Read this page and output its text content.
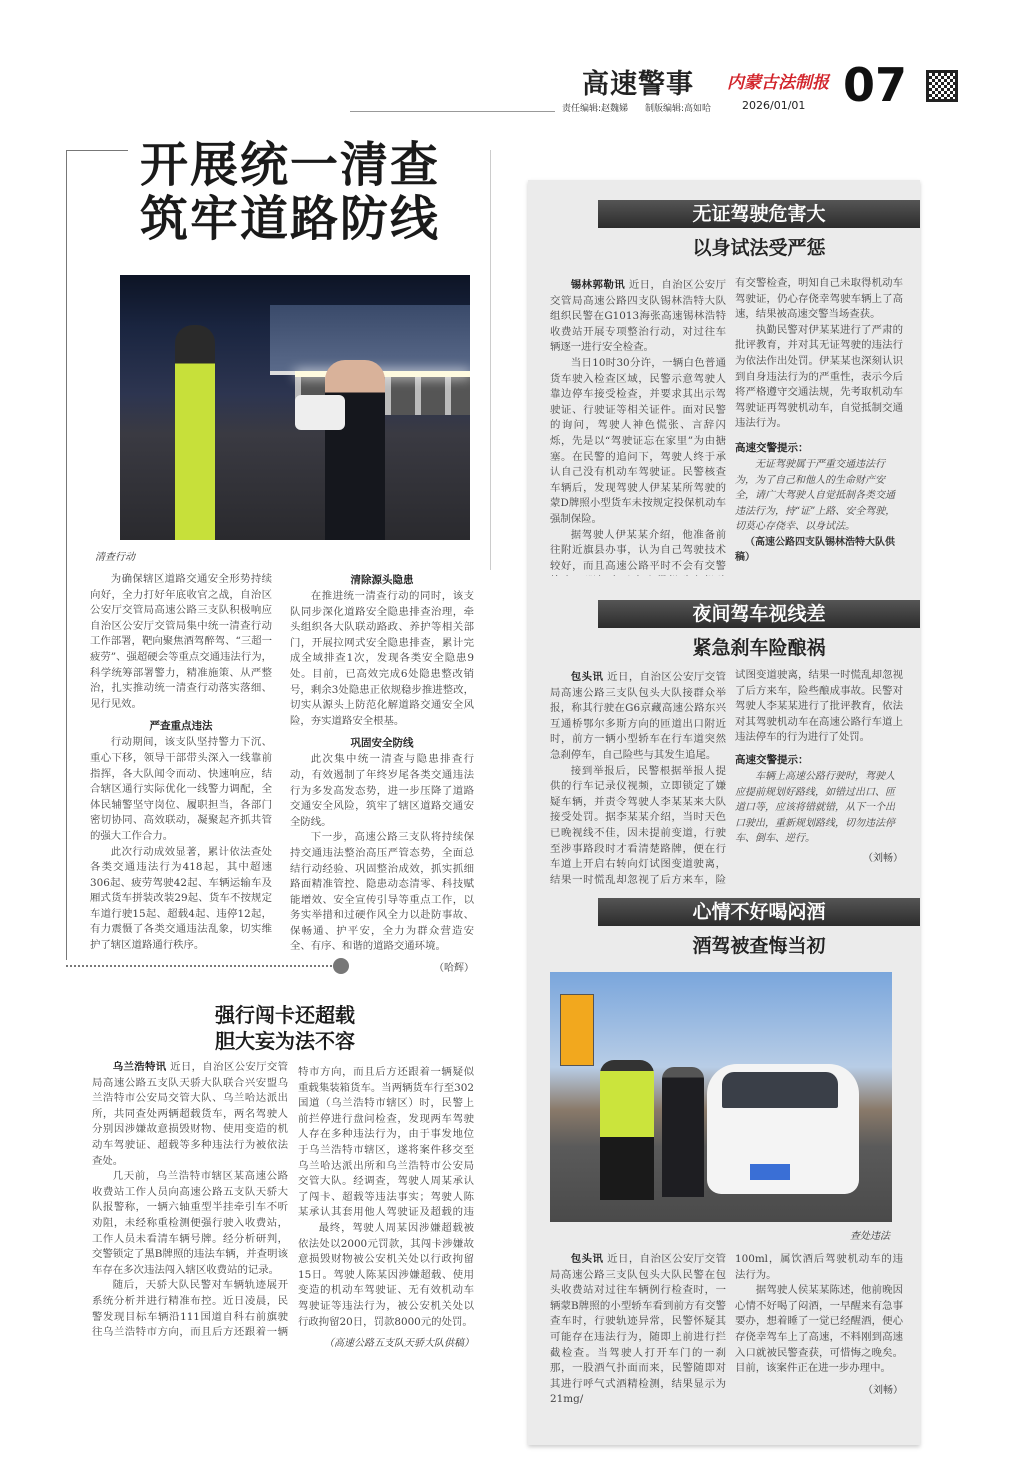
高速警事 内蒙古法制报
责任编辑:赵魏娣 制版编辑:高如哈	2026/01/01 07
开展统一清查
筑牢道路防线
清查行动

为确保辖区道路交通安全形势持续向好，全力打好年底收官之战，自治区公安厅交管局高速公路三支队积极响应自治区公安厅交管局集中统一清查行动工作部署，靶向聚焦酒驾醉驾、“三超一疲劳”、强超硬会等重点交通违法行为，科学统筹部署警力，精准施策、从严整治，扎实推动统一清查行动落实落细、见行见效。

严查重点违法

行动期间，该支队坚持警力下沉、重心下移，领导干部带头深入一线靠前指挥，各大队闻令而动、快速响应，结合辖区通行实际优化一线警力调配，全体民辅警坚守岗位、履职担当，各部门密切协同、高效联动，凝聚起齐抓共管的强大工作合力。

此次行动成效显著，累计依法查处各类交通违法行为418起，其中超速306起、疲劳驾驶42起、车辆运输车及厢式货车拼装改装29起、货车不按规定车道行驶15起、超载4起、违停12起，有力震慑了各类交通违法乱象，切实维护了辖区道路通行秩序。

清除源头隐患

在推进统一清查行动的同时，该支队同步深化道路安全隐患排查治理，牵头组织各大队联动路政、养护等相关部门，开展拉网式安全隐患排查，累计完成全域排查1次，发现各类安全隐患9处。目前，已高效完成6处隐患整改销号，剩余3处隐患正依规稳步推进整改，切实从源头上防范化解道路交通安全风险，夯实道路安全根基。

巩固安全防线

此次集中统一清查与隐患排查行动，有效遏制了年终岁尾各类交通违法行为多发高发态势，进一步压降了道路交通安全风险，筑牢了辖区道路交通安全防线。

下一步，高速公路三支队将持续保持交通违法整治高压严管态势，全面总结行动经验、巩固整治成效，抓实抓细路面精准管控、隐患动态清零、科技赋能增效、安全宣传引导等重点工作，以务实举措和过硬作风全力以赴防事故、保畅通、护平安，全力为群众营造安全、有序、和谐的道路交通环境。

（哈辉）
强行闯卡还超载
胆大妄为法不容

乌兰浩特讯 近日，自治区公安厅交管局高速公路五支队天骄大队联合兴安盟乌兰浩特市公安局交管大队、乌兰哈达派出所，共同查处两辆超载货车，两名驾驶人分别因涉嫌故意损毁财物、使用变造的机动车驾驶证、超载等多种违法行为被依法查处。

几天前，乌兰浩特市辖区某高速公路收费站工作人员向高速公路五支队天骄大队报警称，一辆六轴重型半挂牵引车不听劝阻，未经称重检测便强行驶入收费站，工作人员未看清车辆号牌。经分析研判，交警锁定了黑B牌照的违法车辆，并查明该车存在多次违法闯入辖区收费站的记录。

随后，天骄大队民警对车辆轨迹展开系统分析并进行精准布控。近日凌晨，民警发现目标车辆沿111国道自科右前旗驶往乌兰浩特市方向，而且后方还跟着一辆

特市方向，而且后方还跟着一辆疑似重载集装箱货车。当两辆货车行至302国道（乌兰浩特市辖区）时，民警上前拦停进行盘问检查，发现两车驾驶人存在多种违法行为，由于事发地位于乌兰浩特市辖区，遂将案件移交至乌兰哈达派出所和乌兰浩特市公安局交管大队。经调查，驾驶人周某承认了闯卡、超载等违法事实；驾驶人陈某承认其套用他人驾驶证及超载的违

最终，驾驶人周某因涉嫌超载被依法处以2000元罚款，其闯卡涉嫌故意损毁财物被公安机关处以行政拘留15日。驾驶人陈某因涉嫌超载、使用变造的机动车驾驶证、无有效机动车驾驶证等违法行为，被公安机关处以行政拘留20日，罚款8000元的处罚。

（高速公路五支队天骄大队供稿）
无证驾驶危害大
以身试法受严惩

锡林郭勒讯 近日，自治区公安厅交管局高速公路四支队锡林浩特大队组织民警在G1013海张高速锡林浩特收费站开展专项整治行动，对过往车辆逐一进行安全检查。

当日10时30分许，一辆白色普通货车驶入检查区域，民警示意驾驶人靠边停车接受检查，并要求其出示驾驶证、行驶证等相关证件。面对民警的询问，驾驶人神色慌张、言辞闪烁，先是以“驾驶证忘在家里”为由搪塞。在民警的追问下，驾驶人终于承认自己没有机动车驾驶证。民警核查车辆后，发现驾驶人伊某某所驾驶的蒙D牌照小型货车未按规定投保机动车强制保险。

据驾驶人伊某某介绍，他准备前往附近旗县办事，认为自己驾驶技术较好，而且高速公路平时不会有交警

有交警检查，明知自己未取得机动车驾驶证，仍心存侥幸驾驶车辆上了高速，结果被高速交警当场查获。

执勤民警对伊某某进行了严肃的批评教育，并对其无证驾驶的违法行为依法作出处罚。伊某某也深刻认识到自身违法行为的严重性，表示今后将严格遵守交通法规，先考取机动车驾驶证再驾驶机动车，自觉抵制交通违法行为。

高速交警提示：

无证驾驶属于严重交通违法行为，为了自己和他人的生命财产安全，请广大驾驶人自觉抵制各类交通违法行为，持“证”上路、安全驾驶，切莫心存侥幸、以身试法。

（高速公路四支队锡林浩特大队供稿）
夜间驾车视线差
紧急刹车险酿祸

包头讯 近日，自治区公安厅交管局高速公路三支队包头大队接群众举报，称其行驶在G6京藏高速公路东兴互通桥鄂尔多斯方向的匝道出口附近时，前方一辆小型轿车在行车道突然急刹停车，自己险些与其发生追尾。

接到举报后，民警根据举报人提供的行车记录仪视频，立即锁定了嫌疑车辆，并责令驾驶人李某某来大队接受处罚。据李某某介绍，当时天色已晚视线不佳，因未提前变道，行驶至涉事路段时才看清楚路牌，便在行车道上开启右转向灯试图变道驶离，结果一时慌乱却忽视了后方来车，险

试图变道驶离，结果一时慌乱却忽视了后方来车，险些酿成事故。民警对驾驶人李某某进行了批评教育，依法对其驾驶机动车在高速公路行车道上违法停车的行为进行了处罚。

高速交警提示：

车辆上高速公路行驶时，驾驶人应提前规划好路线，如错过出口、匝道口等，应该将错就错，从下一个出口驶出，重新规划路线，切勿违法停车、倒车、逆行。

（刘畅）
心情不好喝闷酒
酒驾被查悔当初
查处违法

包头讯 近日，自治区公安厅交管局高速公路三支队包头大队民警在包头收费站对过往车辆例行检查时，一辆蒙B牌照的小型轿车看到前方有交警查车时，行驶轨迹异常，民警怀疑其可能存在违法行为，随即上前进行拦截检查。当驾驶人打开车门的一刹那，一股酒气扑面而来，民警随即对其进行呼气式酒精检测，结果显示为21mg/

100ml，属饮酒后驾驶机动车的违法行为。

据驾驶人侯某某陈述，他前晚因心情不好喝了闷酒，一早醒来有急事要办，想着睡了一觉已经醒酒，便心存侥幸驾车上了高速，不料刚到高速入口就被民警查获，可惜悔之晚矣。目前，该案件正在进一步办理中。

（刘畅）
